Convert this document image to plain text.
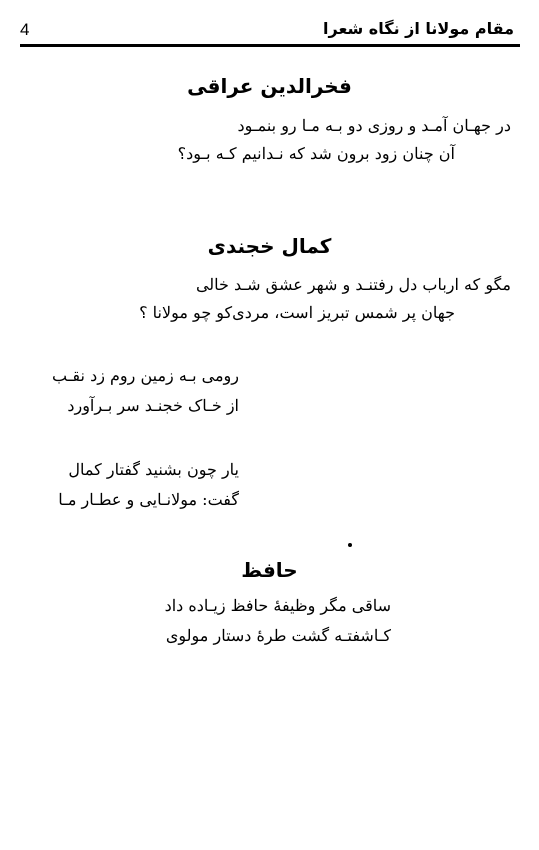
4	مقام مولانا از نگاه شعرا
فخرالدين عراقی
در جهـان آمـد و روزی دو بـه مـا رو بنمـود
آن چنان زود برون شد که نـدانیم کـه بـود؟
كمال خجندی
مگو که ارباب دل رفتنـد و شهر عشق شـد خالی
جهان پر شمس تبریز است، مردی‌کو چو مولانا ؟
رومی بـه زمین روم زد نقـب
از خـاک خجنـد سر بـرآورد
یار چون بشنید گفتار کمال
گفت: مولانـایی و عطـار مـا
حافظ
ساقی مگر وظیفهٔ حافظ زیـاده داد
کـاشفتـه گشت طرهٔ دستار مولوی
